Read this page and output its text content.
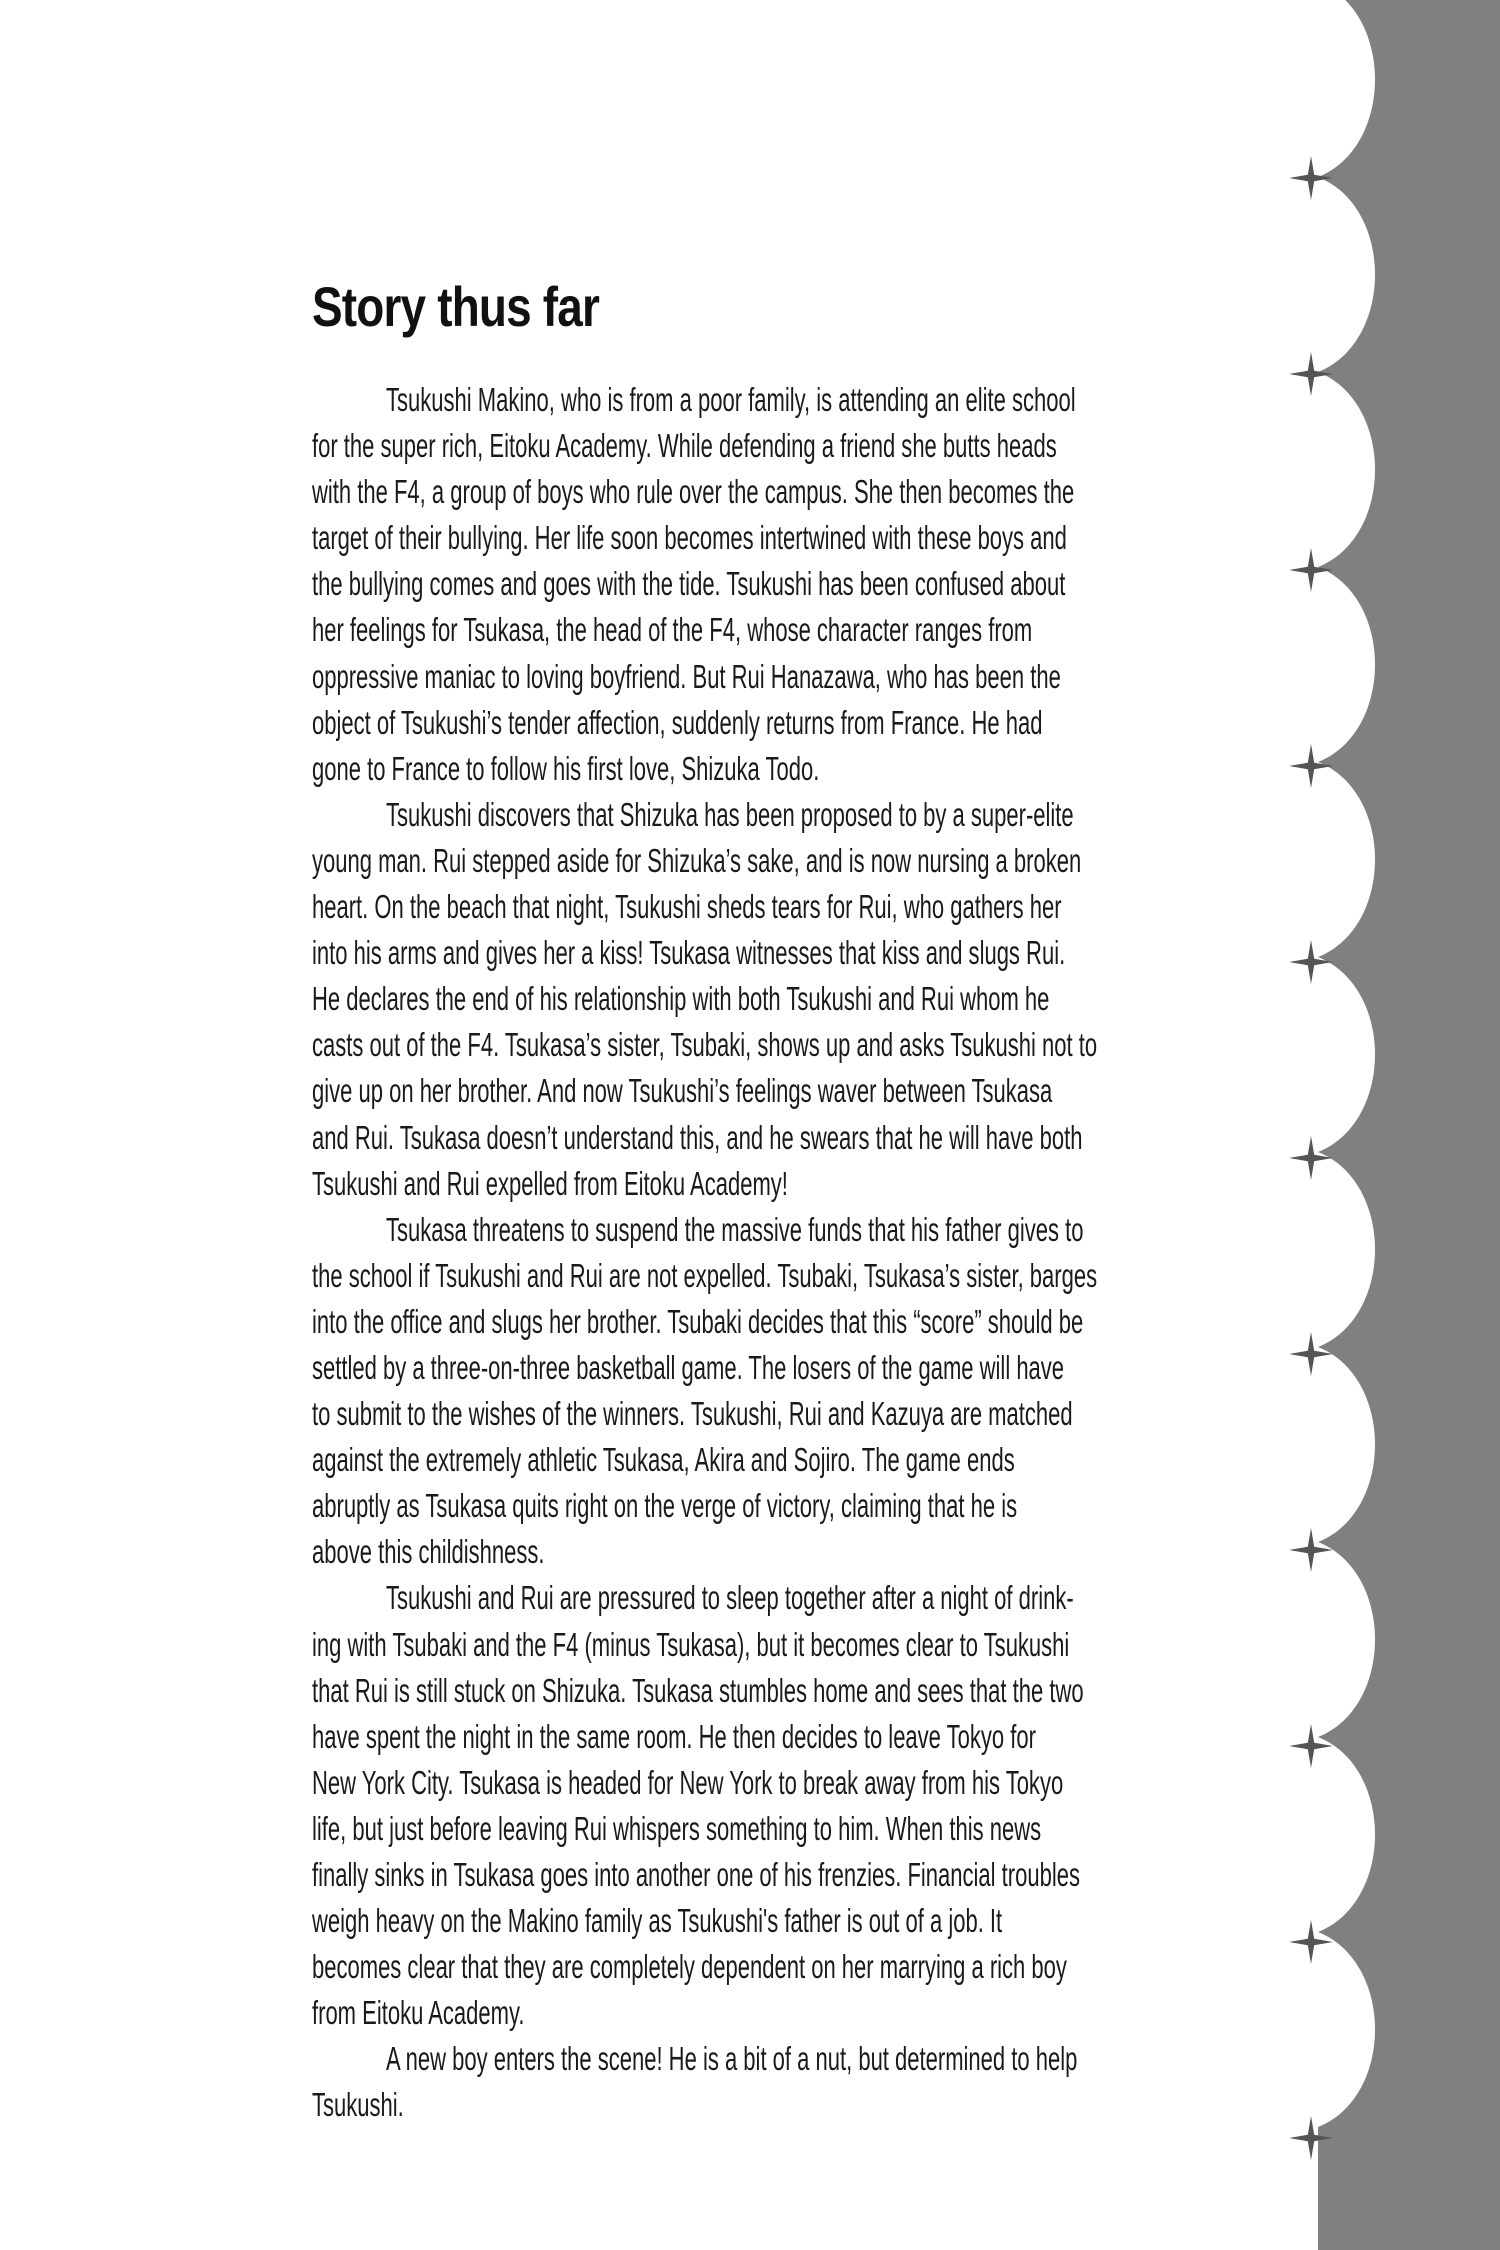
Story thus far
Tsukushi Makino, who is from a poor family, is attending an elite school
for the super rich, Eitoku Academy. While defending a friend she butts heads
with the F4, a group of boys who rule over the campus. She then becomes the
target of their bullying. Her life soon becomes intertwined with these boys and
the bullying comes and goes with the tide. Tsukushi has been confused about
her feelings for Tsukasa, the head of the F4, whose character ranges from
oppressive maniac to loving boyfriend. But Rui Hanazawa, who has been the
object of Tsukushi’s tender affection, suddenly returns from France. He had
gone to France to follow his first love, Shizuka Todo.
Tsukushi discovers that Shizuka has been proposed to by a super-elite
young man. Rui stepped aside for Shizuka’s sake, and is now nursing a broken
heart. On the beach that night, Tsukushi sheds tears for Rui, who gathers her
into his arms and gives her a kiss! Tsukasa witnesses that kiss and slugs Rui.
He declares the end of his relationship with both Tsukushi and Rui whom he
casts out of the F4. Tsukasa’s sister, Tsubaki, shows up and asks Tsukushi not to
give up on her brother. And now Tsukushi’s feelings waver between Tsukasa
and Rui. Tsukasa doesn’t understand this, and he swears that he will have both
Tsukushi and Rui expelled from Eitoku Academy!
Tsukasa threatens to suspend the massive funds that his father gives to
the school if Tsukushi and Rui are not expelled. Tsubaki, Tsukasa’s sister, barges
into the office and slugs her brother. Tsubaki decides that this “score” should be
settled by a three-on-three basketball game. The losers of the game will have
to submit to the wishes of the winners. Tsukushi, Rui and Kazuya are matched
against the extremely athletic Tsukasa, Akira and Sojiro. The game ends
abruptly as Tsukasa quits right on the verge of victory, claiming that he is
above this childishness.
Tsukushi and Rui are pressured to sleep together after a night of drink-
ing with Tsubaki and the F4 (minus Tsukasa), but it becomes clear to Tsukushi
that Rui is still stuck on Shizuka. Tsukasa stumbles home and sees that the two
have spent the night in the same room. He then decides to leave Tokyo for
New York City. Tsukasa is headed for New York to break away from his Tokyo
life, but just before leaving Rui whispers something to him. When this news
finally sinks in Tsukasa goes into another one of his frenzies. Financial troubles
weigh heavy on the Makino family as Tsukushi's father is out of a job. It
becomes clear that they are completely dependent on her marrying a rich boy
from Eitoku Academy.
A new boy enters the scene! He is a bit of a nut, but determined to help
Tsukushi.
